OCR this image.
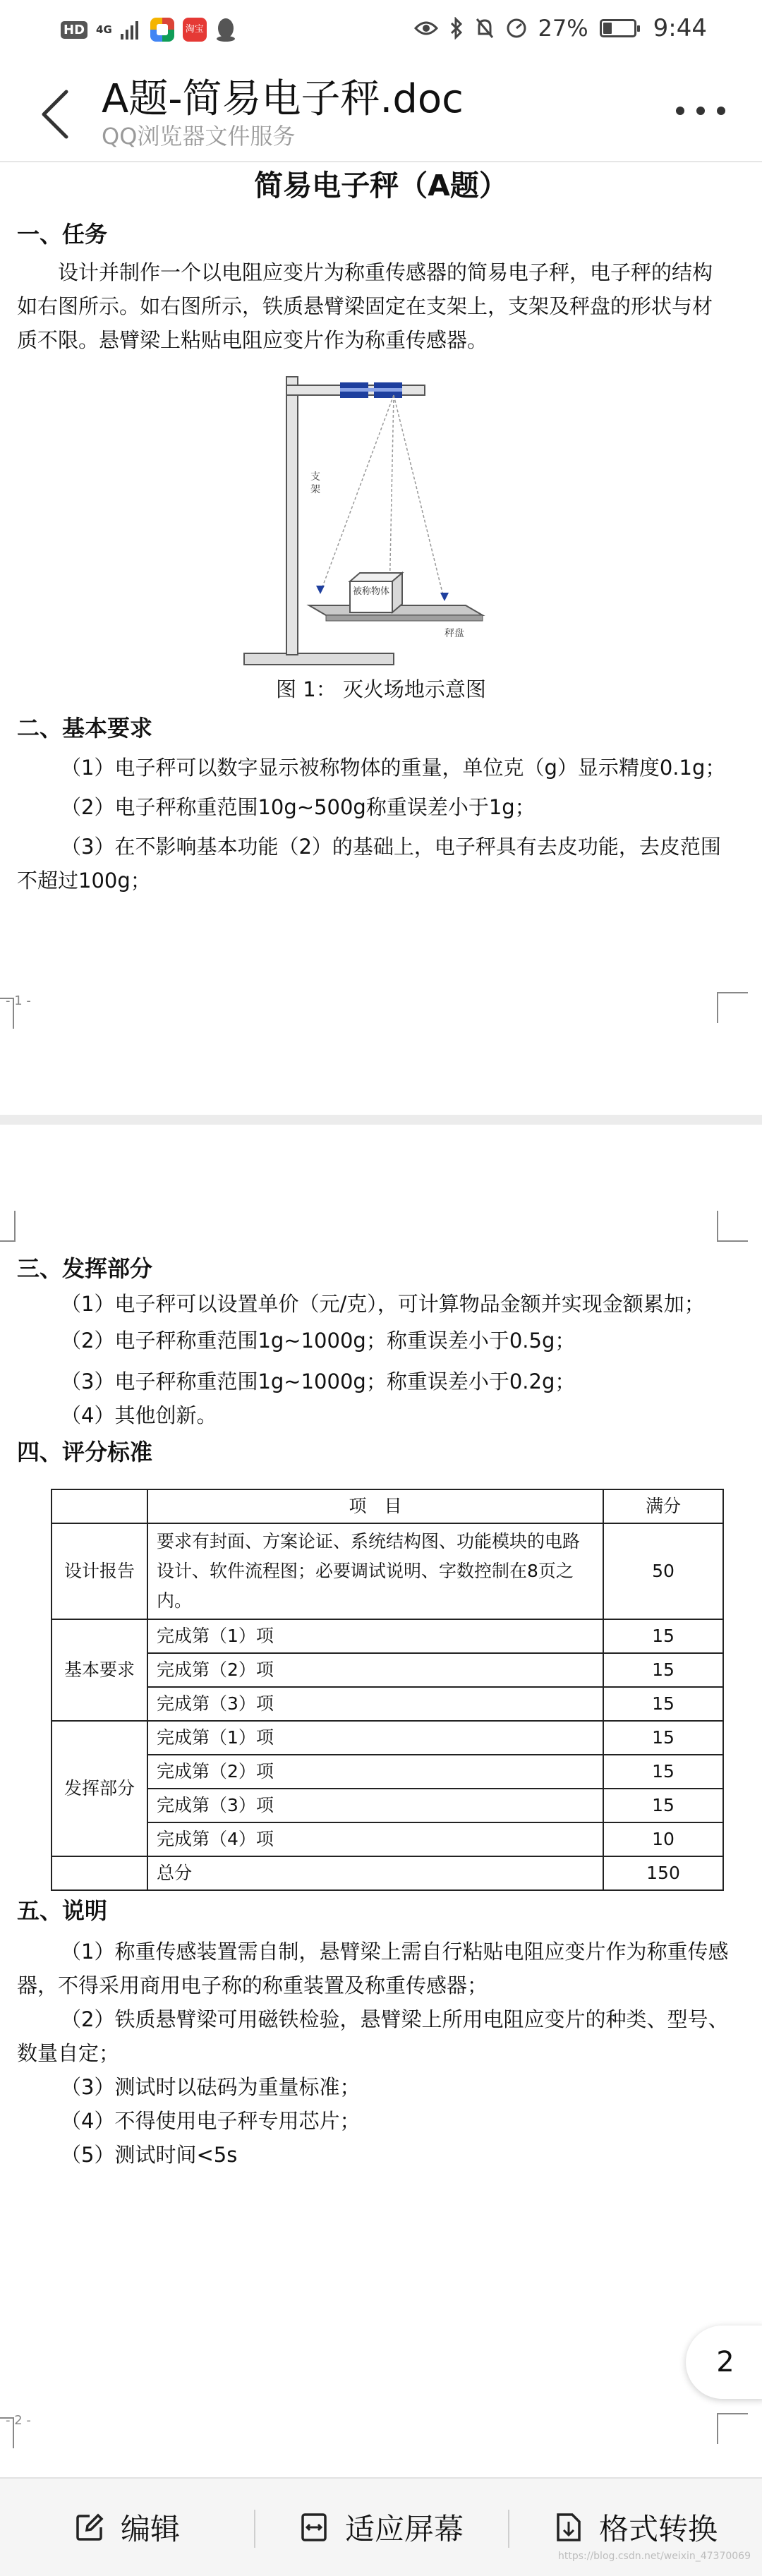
HD 4G	淘宝	27%	9:44
A题-简易电子秤.doc
QQ浏览器文件服务
简易电子秤（A题）
一、任务
设计并制作一个以电阻应变片为称重传感器的简易电子秤，电子秤的结构
如右图所示。如右图所示，铁质悬臂梁固定在支架上，支架及秤盘的形状与材
质不限。悬臂梁上粘贴电阻应变片作为称重传感器。
被称物体
支架
秤盘
图 1： 灭火场地示意图
二、基本要求
（1）电子秤可以数字显示被称物体的重量，单位克（g）显示精度0.1g；
（2）电子秤称重范围10g~500g称重误差小于1g；
（3）在不影响基本功能（2）的基础上，电子秤具有去皮功能，去皮范围
不超过100g；
- 1 -
三、发挥部分
（1）电子秤可以设置单价（元/克），可计算物品金额并实现金额累加；
（2）电子秤称重范围1g~1000g；称重误差小于0.5g；
（3）电子秤称重范围1g~1000g；称重误差小于0.2g；
（4）其他创新。
四、评分标准
	项　目	满分
设计报告	要求有封面、方案论证、系统结构图、功能模块的电路
设计、软件流程图；必要调试说明、字数控制在8页之
内。	50
基本要求	完成第（1）项	15
	完成第（2）项	15
	完成第（3）项	15
发挥部分	完成第（1）项	15
	完成第（2）项	15
	完成第（3）项	15
	完成第（4）项	10
	总分	150
五、说明
（1）称重传感装置需自制，悬臂梁上需自行粘贴电阻应变片作为称重传感
器，不得采用商用电子称的称重装置及称重传感器；
（2）铁质悬臂梁可用磁铁检验，悬臂梁上所用电阻应变片的种类、型号、
数量自定；
（3）测试时以砝码为重量标准；
（4）不得使用电子秤专用芯片；
（5）测试时间<5s
- 2 -
2
编辑	适应屏幕	格式转换
https://blog.csdn.net/weixin_47370069
